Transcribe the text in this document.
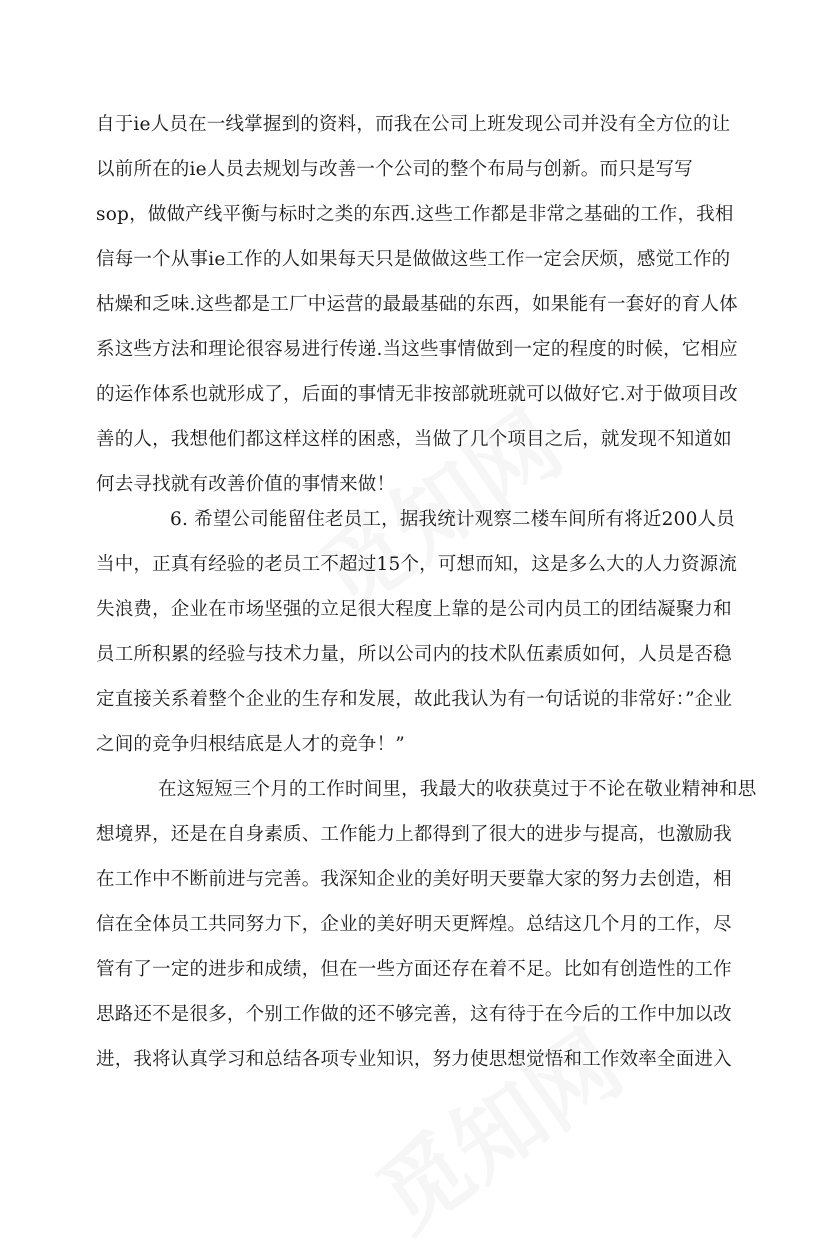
自于ie人员在一线掌握到的资料，而我在公司上班发现公司并没有全方位的让
以前所在的ie人员去规划与改善一个公司的整个布局与创新。而只是写写
sop，做做产线平衡与标时之类的东西.这些工作都是非常之基础的工作，我相
信每一个从事ie工作的人如果每天只是做做这些工作一定会厌烦，感觉工作的
枯燥和乏味.这些都是工厂中运营的最最基础的东西，如果能有一套好的育人体
系这些方法和理论很容易进行传递.当这些事情做到一定的程度的时候，它相应
的运作体系也就形成了，后面的事情无非按部就班就可以做好它.对于做项目改
善的人，我想他们都这样这样的困惑，当做了几个项目之后，就发现不知道如
何去寻找就有改善价值的事情来做！
6. 希望公司能留住老员工，据我统计观察二楼车间所有将近200人员
当中，正真有经验的老员工不超过15个，可想而知，这是多么大的人力资源流
失浪费，企业在市场坚强的立足很大程度上靠的是公司内员工的团结凝聚力和
员工所积累的经验与技术力量，所以公司内的技术队伍素质如何，人员是否稳
定直接关系着整个企业的生存和发展，故此我认为有一句话说的非常好：”企业
之间的竞争归根结底是人才的竞争！”
在这短短三个月的工作时间里，我最大的收获莫过于不论在敬业精神和思
想境界，还是在自身素质、工作能力上都得到了很大的进步与提高，也激励我
在工作中不断前进与完善。我深知企业的美好明天要靠大家的努力去创造，相
信在全体员工共同努力下，企业的美好明天更辉煌。总结这几个月的工作，尽
管有了一定的进步和成绩，但在一些方面还存在着不足。比如有创造性的工作
思路还不是很多，个别工作做的还不够完善，这有待于在今后的工作中加以改
进，我将认真学习和总结各项专业知识，努力使思想觉悟和工作效率全面进入
